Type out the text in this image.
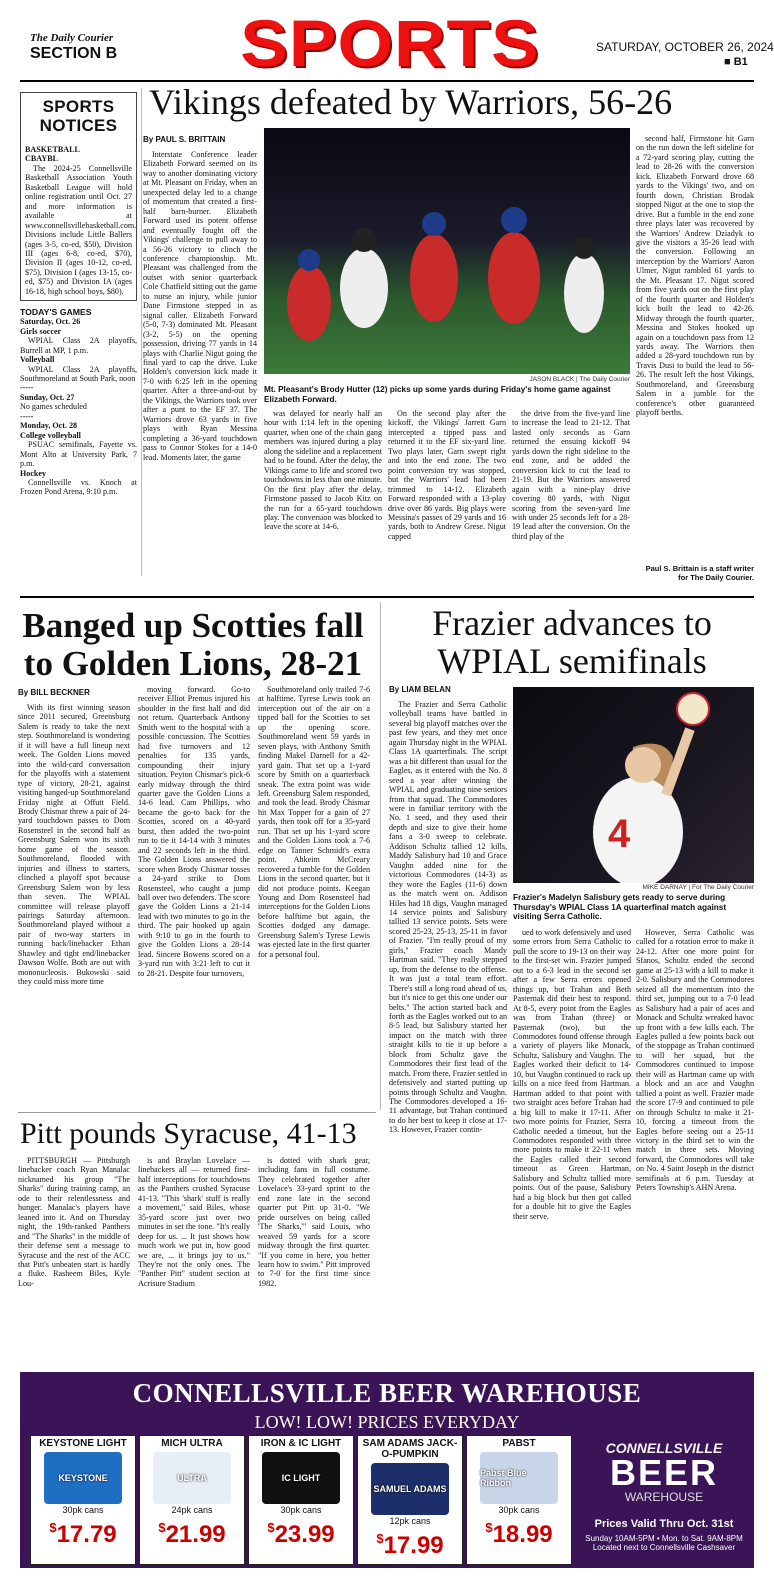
The Daily Courier
SECTION B	SPORTS	SATURDAY, OCTOBER 26, 2024
■ B1
SPORTS NOTICES
BASKETBALL
CBAYBL

The 2024-25 Connellsville Basketball Association Youth Basketball League will hold online registration until Oct. 27 and more information is available at www.connellsvillebasketball.com. Divisions include Little Ballers (ages 3-5, co-ed, $50), Division III (ages 6-8, co-ed, $70), Division II (ages 10-12, co-ed, $75), Division I (ages 13-15, co-ed, $75) and Division IA (ages 16-18, high school boys, $80).

TODAY'S GAMES
Saturday, Oct. 26
Girls soccer

WPIAL Class 2A playoffs, Burrell at MP, 1 p.m.

Volleyball

WPIAL Class 2A playoffs, Southmoreland at South Park, noon

-----
Sunday, Oct. 27
No games scheduled
-----
Monday, Oct. 28
College volleyball

PSUAC semifinals, Fayette vs. Mont Alto at University Park, 7 p.m.

Hockey

Connellsville vs. Knoch at Frozen Pond Arena, 9:10 p.m.

Vikings defeated by Warriors, 56-26
JASON BLACK | The Daily Courier
Mt. Pleasant's Brody Hutter (12) picks up some yards during Friday's home game against Elizabeth Forward.
By PAUL S. BRITTAIN

Interstate Conference leader Elizabeth Forward seemed on its way to another dominating victory at Mt. Pleasant on Friday, when an unexpected delay led to a change of momentum that created a first-half barn-burner. Elizabeth Forward used its potent offense and eventually fought off the Vikings' challenge to pull away to a 56-26 victory to clinch the conference championship. Mt. Pleasant was challenged from the outset with senior quarterback Cole Chatfield sitting out the game to nurse an injury, while junior Dane Firmstone stepped in as signal caller. Elizabeth Forward (5-0, 7-3) dominated Mt. Pleasant (3-2, 5-5) on the opening possession, driving 77 yards in 14 plays with Charlie Nigut going the final yard to cap the drive. Luke Holden's conversion kick made it 7-0 with 6:25 left in the opening quarter. After a three-and-out by the Vikings, the Warriors took over after a punt to the EF 37. The Warriors drove 63 yards in five plays with Ryan Messina completing a 36-yard touchdown pass to Connor Stokes for a 14-0 lead. Moments later, the game

was delayed for nearly half an hour with 1:14 left in the opening quarter, when one of the chain gang members was injured during a play along the sideline and a replacement had to be found. After the delay, the Vikings came to life and scored two touchdowns in less than one minute. On the first play after the delay, Firmstone passed to Jacob Kitz on the run for a 65-yard touchdown play. The conversion was blocked to leave the score at 14-6.

On the second play after the kickoff, the Vikings' Jarrett Garn intercepted a tipped pass and returned it to the EF six-yard line. Two plays later, Garn swept right and into the end zone. The two point conversion try was stopped, but the Warriors' lead had been trimmed to 14-12. Elizabeth Forward responded with a 13-play drive over 86 yards. Big plays were Messina's passes of 29 yards and 16 yards, both to Andrew Grese. Nigut capped

the drive from the five-yard line to increase the lead to 21-12. That lasted only seconds as Garn returned the ensuing kickoff 94 yards down the right sideline to the end zone, and he added the conversion kick to cut the lead to 21-19. But the Warriors answered again with a nine-play drive covering 80 yards, with Nigut scoring from the seven-yard line with under 25 seconds left for a 28-19 lead after the conversion. On the third play of the

second half, Firmstone hit Garn on the run down the left sideline for a 72-yard scoring play, cutting the lead to 28-26 with the conversion kick. Elizabeth Forward drove 68 yards to the Vikings' two, and on fourth down, Christian Brodak stopped Nigut at the one to stop the drive. But a fumble in the end zone three plays later was recovered by the Warriors' Andrew Dziadyk to give the visitors a 35-26 lead with the conversion. Following an interception by the Warriors' Aaron Ulmer, Nigut rambled 61 yards to the Mt. Pleasant 17. Nigut scored from five yards out on the first play of the fourth quarter and Holden's kick built the lead to 42-26. Midway through the fourth quarter, Messina and Stokes hooked up again on a touchdown pass from 12 yards away. The Warriors then added a 28-yard touchdown run by Travis Dusi to build the lead to 56-26. The result left the host Vikings, Southmoreland, and Greensburg Salem in a jumble for the conference's other guaranteed playoff berths.

Paul S. Brittain is a staff writer
for The Daily Courier.
Banged up Scotties fall to Golden Lions, 28-21
By BILL BECKNER

With its first winning season since 2011 secured, Greensburg Salem is ready to take the next step. Southmoreland is wondering if it will have a full lineup next week. The Golden Lions moved into the wild-card conversation for the playoffs with a statement type of victory, 28-21, against visiting banged-up Southmoreland Friday night at Offutt Field. Brody Chismar threw a pair of 24-yard touchdown passes to Dom Rosensteel in the second half as Greensburg Salem won its sixth home game of the season. Southmoreland, flooded with injuries and illness to starters, clinched a playoff spot because Greensburg Salem won by less than seven. The WPIAL committee will release playoff pairings Saturday afternoon. Southmoreland played without a pair of two-way starters in running back/linebacker Ethan Shawley and tight end/linebacker Dawson Wolfe. Both are out with mononucleosis. Bukowski said they could miss more time

moving forward. Go-to receiver Elliot Premus injured his shoulder in the first half and did not return. Quarterback Anthony Smith went to the hospital with a possible concussion. The Scotties had five turnovers and 12 penalties for 135 yards, compounding their injury situation. Peyton Chismar's pick-6 early midway through the third quarter gave the Golden Lions a 14-6 lead. Cam Phillips, who became the go-to back for the Scotties, scored on a 40-yard burst, then added the two-point run to tie it 14-14 with 3 minutes and 22 seconds left in the third. The Golden Lions answered the score when Brody Chismar tosses a 24-yard strike to Dom Rosensteel, who caught a jump ball over two defenders. The score gave the Golden Lions a 21-14 lead with two minutes to go in the third. The pair hooked up again with 9:10 to go in the fourth to give the Golden Lions a 28-14 lead. Sincere Bowens scored on a 3-yard run with 3:21 left to cut it to 28-21. Despite four turnovers,

Southmoreland only trailed 7-6 at halftime. Tyrese Lewis took an interception out of the air on a tipped ball for the Scotties to set up the opening score. Southmoreland went 59 yards in seven plays, with Anthony Smith finding Makel Darnell for a 42-yard gain. That set up a 1-yard score by Smith on a quarterback sneak. The extra point was wide left. Greensburg Salem responded, and took the lead. Brody Chismar hit Max Topper for a gain of 27 yards, then took off for a 35-yard run. That set up his 1-yard score and the Golden Lions took a 7-6 edge on Tanner Schmidt's extra point. Ahkeim McCreary recovered a fumble for the Golden Lions in the second quarter, but it did not produce points. Keegan Young and Dom Rosensteel had interceptions for the Golden Lions before halftime but again, the Scotties dodged any damage. Greensburg Salem's Tyrese Lewis was ejected late in the first quarter for a personal foul.

Frazier advances to WPIAL semifinals
By LIAM BELAN

The Frazier and Serra Catholic volleyball teams have battled in several big playoff matches over the past few years, and they met once again Thursday night in the WPIAL Class 1A quarterfinals. The script was a bit different than usual for the Eagles, as it entered with the No. 8 seed a year after winning the WPIAL and graduating nine seniors from that squad. The Commodores were in familiar territory with the No. 1 seed, and they used their depth and size to give their home fans a 3-0 sweep to celebrate. Addison Schultz tallied 12 kills, Maddy Salisbury had 10 and Grace Vaughn added nine for the victorious Commodores (14-3) as they wore the Eagles (11-6) down as the match went on. Addison Hiles had 18 digs, Vaughn managed 14 service points and Salisbury tallied 13 service points. Sets were scored 25-23, 25-13, 25-11 in favor of Frazier. "I'm really proud of my girls," Frazier coach Mandy Hartman said. "They really stepped up, from the defense to the offense. It was just a total team effort. There's still a long road ahead of us, but it's nice to get this one under our belts." The action started back and forth as the Eagles worked out to an 8-5 lead, but Salisbury started her impact on the match with three straight kills to tie it up before a block from Schultz gave the Commodores their first lead of the match. From there, Frazier settled in defensively and started putting up points through Schultz and Vaughn. The Commodores developed a 16-11 advantage, but Trahan continued to do her best to keep it close at 17-13. However, Frazier contin-

4
MIKE DARNAY | For The Daily Courier
Frazier's Madelyn Salisbury gets ready to serve during Thursday's WPIAL Class 1A quarterfinal match against visiting Serra Catholic.

ued to work defensively and used some errors from Serra Catholic to pull the score to 19-13 on their way to the first-set win. Frazier jumped out to a 6-3 lead in the second set after a few Serra errors opened things up, but Trahan and Beth Pasternak did their best to respond. At 8-5, every point from the Eagles was from Trahan (three) or Pasternak (two), but the Commodores found offense through a variety of players like Monack, Schultz, Salisbury and Vaughn. The Eagles worked their deficit to 14-10, but Vaughn continued to rack up kills on a nice feed from Hartman. Hartman added to that point with two straight aces before Trahan had a big kill to make it 17-11. After two more points for Frazier, Serra Catholic needed a timeout, but the Commodores responded with three more points to make it 22-11 when the Eagles called their second timeout as Green Hartman, Salisbury and Schultz tallied more points. Out of the pause, Salisbury had a big block but then got called for a double hit to give the Eagles their serve.

However, Serra Catholic was called for a rotation error to make it 24-12. After one more point for Sfanos, Schultz ended the second game at 25-13 with a kill to make it 2-0. Salisbury and the Commodores seized all the momentum into the third set, jumping out to a 7-0 lead as Salisbury had a pair of aces and Monack and Schultz wreaked havoc up front with a few kills each. The Eagles pulled a few points back out of the stoppage as Trahan continued to will her squad, but the Commodores continued to impose their will as Hartman came up with a block and an ace and Vaughn tallied a point as well. Frazier made the score 17-9 and continued to pile on through Schultz to make it 21-10, forcing a timeout from the Eagles before seeing out a 25-11 victory in the third set to win the match in three sets. Moving forward, the Commodores will take on No. 4 Saint Joseph in the district semifinals at 6 p.m. Tuesday at Peters Township's AHN Arena.

Pitt pounds Syracuse, 41-13

PITTSBURGH — Pittsburgh linebacker coach Ryan Manalac nicknamed his group "The Sharks" during training camp, an ode to their relentlessness and hunger. Manalac's players have leaned into it. And on Thursday night, the 19th-ranked Panthers and "The Sharks" in the middle of their defense sent a message to Syracuse and the rest of the ACC that Pitt's unbeaten start is hardly a fluke. Rasheem Biles, Kyle Lou-

is and Braylan Lovelace — linebackers all — returned first-half interceptions for touchdowns as the Panthers crushed Syracuse 41-13. "This 'shark' stuff is really a movement," said Biles, whose 35-yard score just over two minutes in set the tone. "It's really deep for us. ... It just shows how much work we put in, how good we are, ... it brings joy to us." They're not the only ones. The "Panther Pitt" student section at Acrisure Stadium

is dotted with shark gear, including fans in full costume. They celebrated together after Lovelace's 33-yard sprint to the end zone late in the second quarter put Pitt up 31-0. "We pride ourselves on being called 'The Sharks,'" said Louis, who weaved 59 yards for a score midway through the first quarter. "If you come in here, you better learn how to swim." Pitt improved to 7-0 for the first time since 1982.

CONNELLSVILLE BEER WAREHOUSE
LOW! LOW! PRICES EVERYDAY
KEYSTONE LIGHT
KEYSTONE
30pk cans
$17.79
MICH ULTRA
ULTRA
24pk cans
$21.99
IRON & IC LIGHT
IC LIGHT
30pk cans
$23.99
SAM ADAMS JACK-O-PUMPKIN
SAMUEL ADAMS
12pk cans
$17.99
PABST
Pabst Blue Ribbon
30pk cans
$18.99
CONNELLSVILLE
BEER
WAREHOUSE
Prices Valid Thru Oct. 31st
Sunday 10AM-5PM • Mon. to Sat. 9AM-8PM
Located next to Connellsville Cashsaver
